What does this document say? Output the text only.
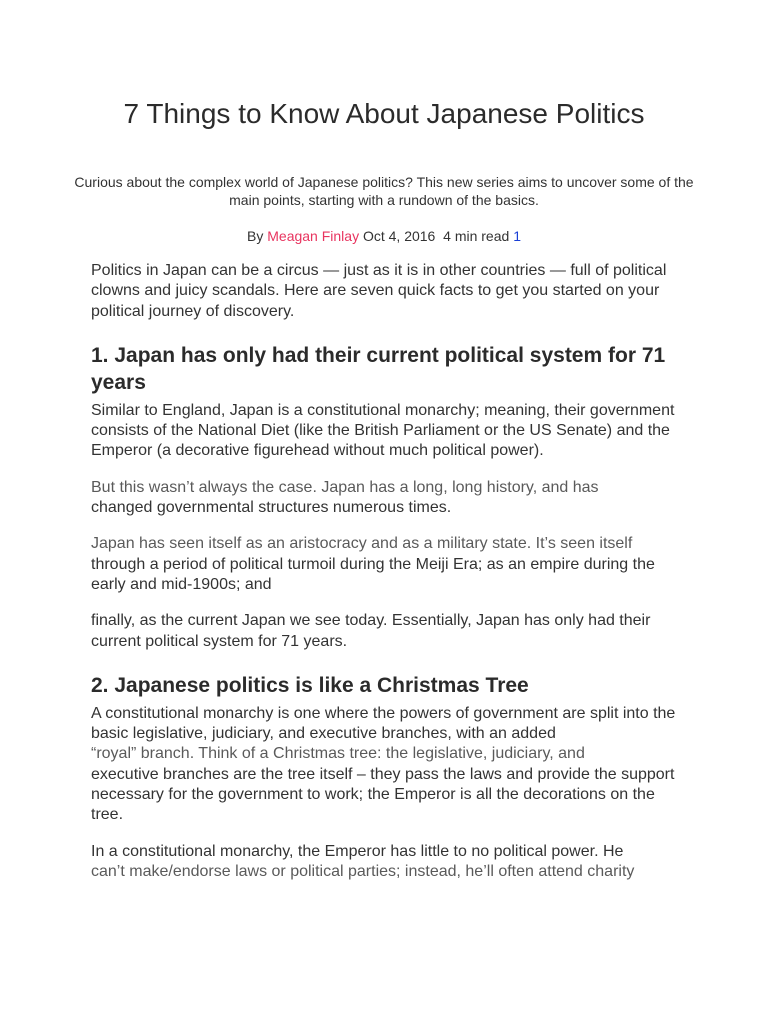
7 Things to Know About Japanese Politics

Curious about the complex world of Japanese politics? This new series aims to uncover some of the main points, starting with a rundown of the basics.

By Meagan Finlay Oct 4, 2016 4 min read 1

Politics in Japan can be a circus — just as it is in other countries — full of political clowns and juicy scandals. Here are seven quick facts to get you started on your political journey of discovery.

1. Japan has only had their current political system for 71 years

Similar to England, Japan is a constitutional monarchy; meaning, their government consists of the National Diet (like the British Parliament or the US Senate) and the Emperor (a decorative figurehead without much political power).

But this wasn’t always the case. Japan has a long, long history, and has
changed governmental structures numerous times.

Japan has seen itself as an aristocracy and as a military state. It’s seen itself
through a period of political turmoil during the Meiji Era; as an empire during the early and mid-1900s; and

finally, as the current Japan we see today. Essentially, Japan has only had their current political system for 71 years.

2. Japanese politics is like a Christmas Tree

A constitutional monarchy is one where the powers of government are split into the basic legislative, judiciary, and executive branches, with an added
“royal” branch. Think of a Christmas tree: the legislative, judiciary, and
executive branches are the tree itself – they pass the laws and provide the support necessary for the government to work; the Emperor is all the decorations on the tree.

In a constitutional monarchy, the Emperor has little to no political power. He
can’t make/endorse laws or political parties; instead, he’ll often attend charity
